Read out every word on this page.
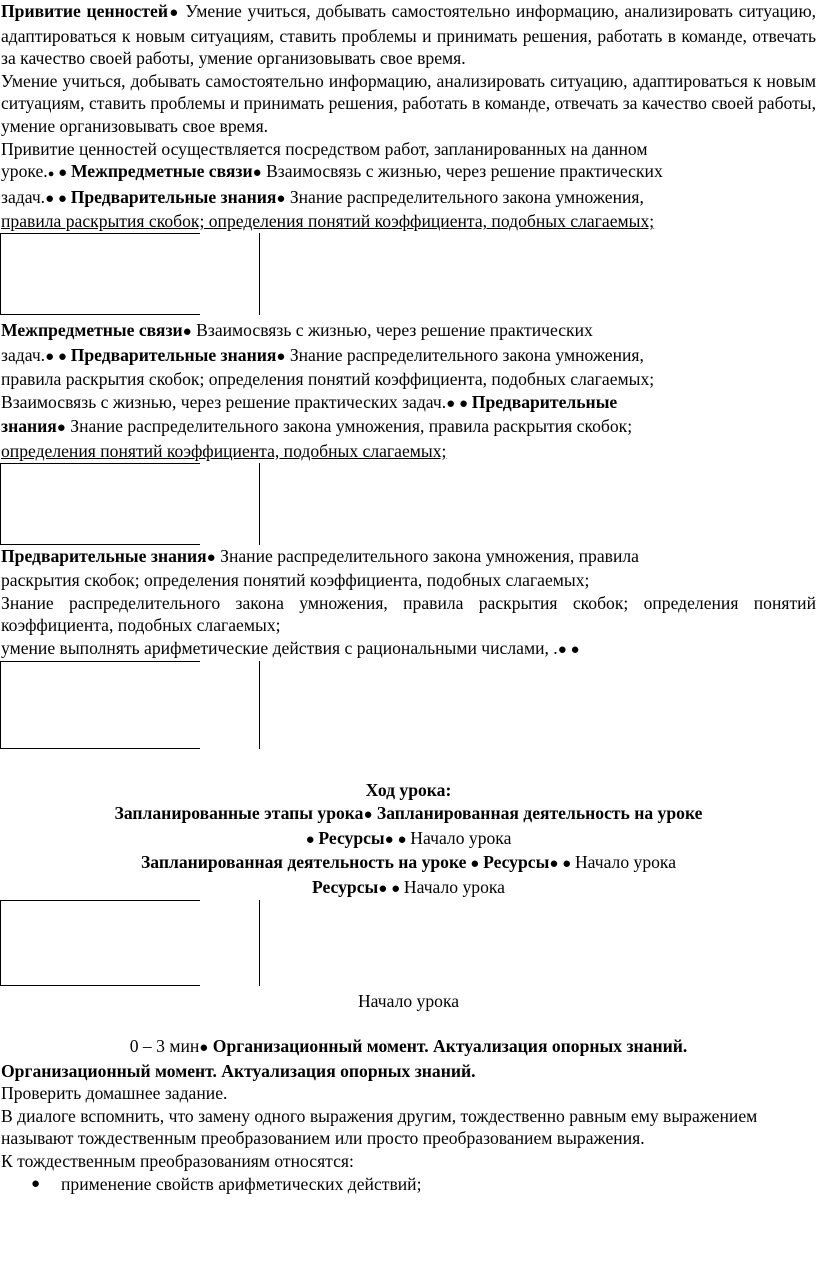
Привитие ценностей● Умение учиться, добывать самостоятельно информацию, анализировать ситуацию, адаптироваться к новым ситуациям, ставить проблемы и принимать решения, работать в команде, отвечать за качество своей работы, умение организовывать свое время.

Умение учиться, добывать самостоятельно информацию, анализировать ситуацию, адаптироваться к новым ситуациям, ставить проблемы и принимать решения, работать в команде, отвечать за качество своей работы, умение организовывать свое время.

Привитие ценностей осуществляется посредством работ, запланированных на данном
уроке.● ● Межпредметные связи● Взаимосвязь с жизнью, через решение практических
задач.● ● Предварительные знания● Знание распределительного закона умножения,
правила раскрытия скобок; определения понятий коэффициента, подобных слагаемых;

Межпредметные связи● Взаимосвязь с жизнью, через решение практических
задач.● ● Предварительные знания● Знание распределительного закона умножения,
правила раскрытия скобок; определения понятий коэффициента, подобных слагаемых;
Взаимосвязь с жизнью, через решение практических задач.● ● Предварительные
знания● Знание распределительного закона умножения, правила раскрытия скобок;
определения понятий коэффициента, подобных слагаемых;

Предварительные знания● Знание распределительного закона умножения, правила
раскрытия скобок; определения понятий коэффициента, подобных слагаемых;

Знание распределительного закона умножения, правила раскрытия скобок; определения понятий коэффициента, подобных слагаемых;

умение выполнять арифметические действия с рациональными числами, .● ●

Ход урока:

Запланированные этапы урока● Запланированная деятельность на уроке

● Ресурсы● ● Начало урока

Запланированная деятельность на уроке ● Ресурсы● ● Начало урока

Ресурсы● ● Начало урока

Начало урока

0 – 3 мин● Организационный момент. Актуализация опорных знаний.

Организационный момент. Актуализация опорных знаний.

Проверить домашнее задание.

В диалоге вспомнить, что замену одного выражения другим, тождественно равным ему выражением называют тождественным преобразованием или просто преобразованием выражения.

К тождественным преобразованиям относятся:

● применение свойств арифметических действий;
